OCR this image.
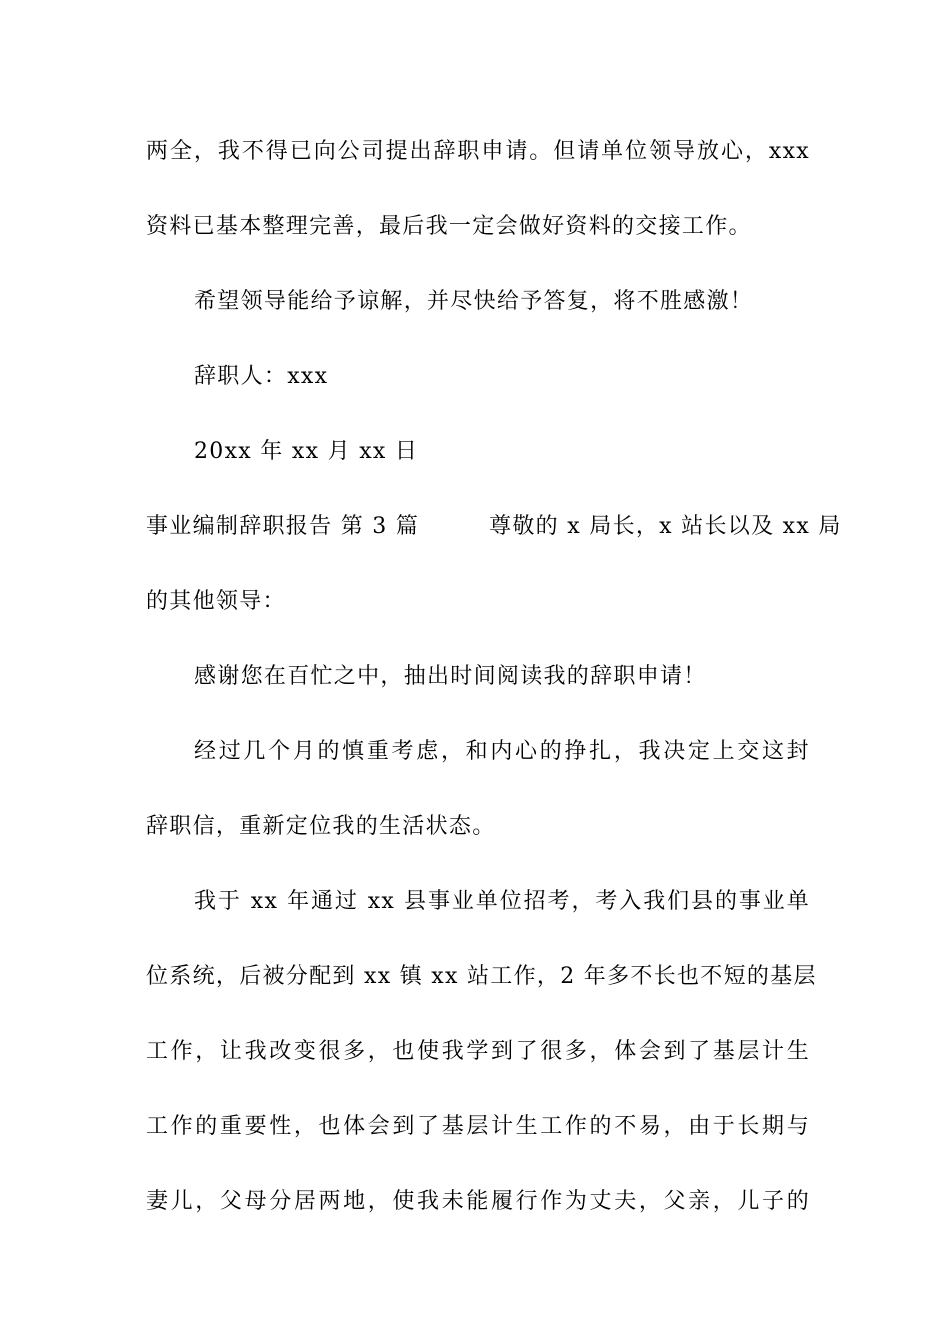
两全，我不得已向公司提出辞职申请。但请单位领导放心，xxx
资料已基本整理完善，最后我一定会做好资料的交接工作。
希望领导能给予谅解，并尽快给予答复，将不胜感激！
辞职人：xxx
20xx 年 xx 月 xx 日
事业编制辞职报告 第 3 篇　　　尊敬的 x 局长，x 站长以及 xx 局
的其他领导：
感谢您在百忙之中，抽出时间阅读我的辞职申请！
经过几个月的慎重考虑，和内心的挣扎，我决定上交这封
辞职信，重新定位我的生活状态。
我于 xx 年通过 xx 县事业单位招考，考入我们县的事业单
位系统，后被分配到 xx 镇 xx 站工作，2 年多不长也不短的基层
工作，让我改变很多，也使我学到了很多，体会到了基层计生
工作的重要性，也体会到了基层计生工作的不易，由于长期与
妻儿，父母分居两地，使我未能履行作为丈夫，父亲，儿子的
